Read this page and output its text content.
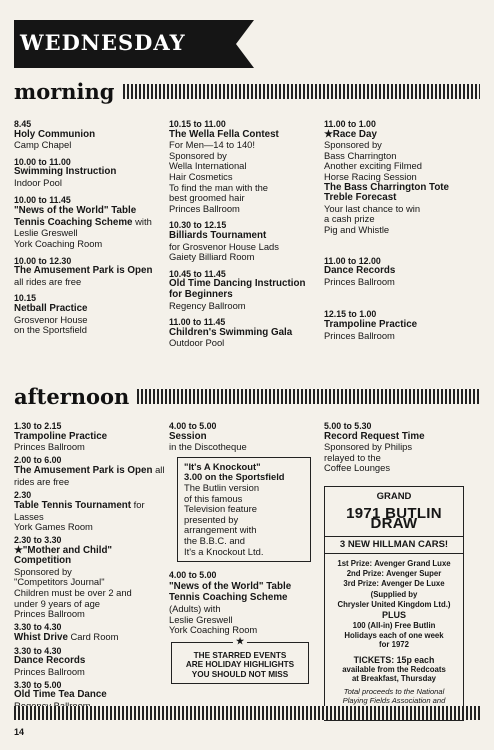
WEDNESDAY
morning
8.45
Holy Communion
Camp Chapel
10.00 to 11.00
Swimming Instruction
Indoor Pool
10.00 to 11.45
"News of the World" Table Tennis Coaching Scheme with
Leslie Greswell
York Coaching Room
10.00 to 12.30
The Amusement Park is Open
all rides are free
10.15
Netball Practice
Grosvenor House
on the Sportsfield
10.15 to 11.00
The Wella Fella Contest
For Men—14 to 140!
Sponsored by
Wella International
Hair Cosmetics
To find the man with the
best groomed hair
Princes Ballroom
10.30 to 12.15
Billiards Tournament
for Grosvenor House Lads
Gaiety Billiard Room
10.45 to 11.45
Old Time Dancing Instruction for Beginners
Regency Ballroom
11.00 to 11.45
Children's Swimming Gala
Outdoor Pool
11.00 to 1.00
★Race Day
Sponsored by
Bass Charrington
Another exciting Filmed
Horse Racing Session
The Bass Charrington Tote Treble Forecast
Your last chance to win
a cash prize
Pig and Whistle
11.00 to 12.00
Dance Records
Princes Ballroom
12.15 to 1.00
Trampoline Practice
Princes Ballroom
afternoon
1.30 to 2.15
Trampoline Practice
Princes Ballroom
2.00 to 6.00
The Amusement Park is Open all rides are free
2.30
Table Tennis Tournament for Lasses
York Games Room
2.30 to 3.30
★"Mother and Child" Competition
Sponsored by
"Competitors Journal"
Children must be over 2 and
under 9 years of age
Princes Ballroom
3.30 to 4.30
Whist Drive Card Room
3.30 to 4.30
Dance Records
Princes Ballroom
3.30 to 5.00
Old Time Tea Dance
4.00 to 5.00
Session
in the Discotheque
"It's A Knockout"
3.00 on the Sportsfield
The Butlin version
of this famous
Television feature
presented by
arrangement with
the B.B.C. and
It's a Knockout Ltd.
4.00 to 5.00
"News of the World" Table Tennis Coaching Scheme (Adults) with
Leslie Greswell
York Coaching Room
★
THE STARRED EVENTS
ARE HOLIDAY HIGHLIGHTS
YOU SHOULD NOT MISS
5.00 to 5.30
Record Request Time
Sponsored by Philips
relayed to the
Coffee Lounges
GRAND
1971 BUTLIN DRAW
3 NEW HILLMAN CARS!
1st Prize: Avenger Grand Luxe
2nd Prize: Avenger Super
3rd Prize: Avenger De Luxe
(Supplied by
Chrysler United Kingdom Ltd.)
PLUS
100 (All-in) Free Butlin
Holidays each of one week
for 1972
TICKETS: 15p each
available from the Redcoats
at Breakfast, Thursday
Total proceeds to the National
Playing Fields Association and
14
